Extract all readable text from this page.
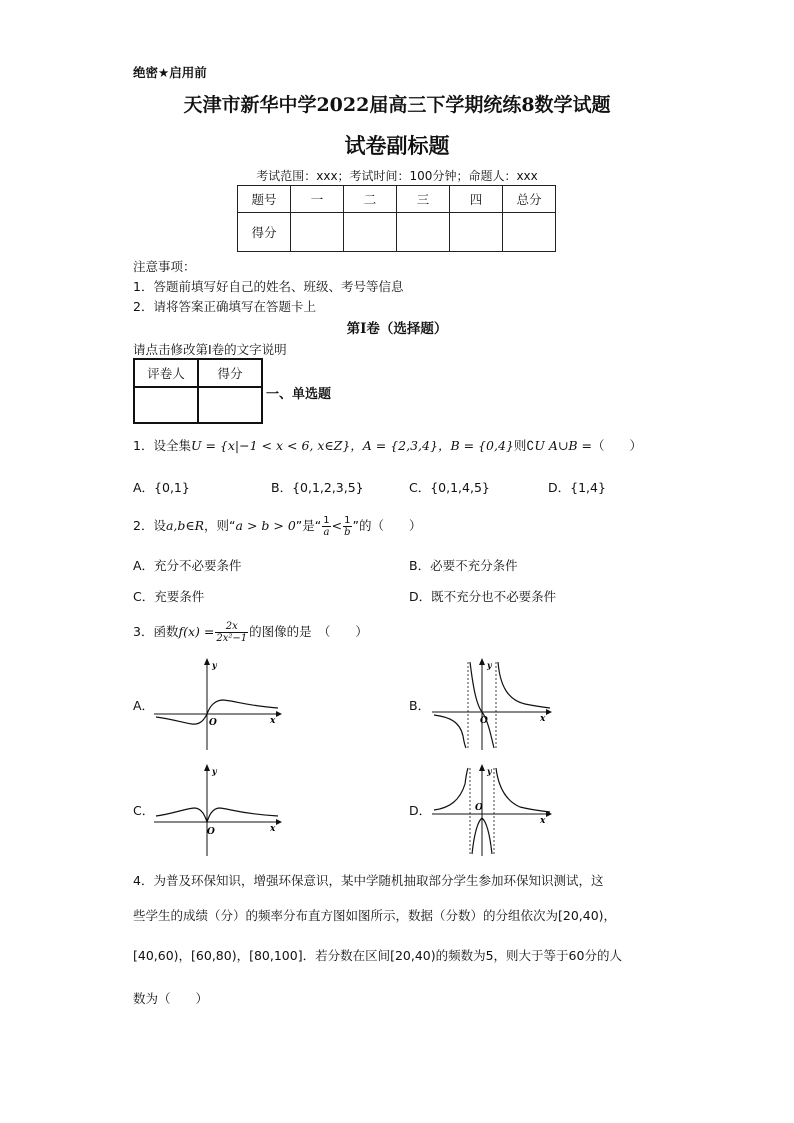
绝密★启用前
天津市新华中学2022届高三下学期统练8数学试题
试卷副标题
考试范围：xxx；考试时间：100分钟；命题人：xxx
题号	一	二	三	四	总分
得分					
注意事项：
1．答题前填写好自己的姓名、班级、考号等信息
2．请将答案正确填写在答题卡上
第I卷（选择题）
请点击修改第I卷的文字说明
评卷人	得分

一、单选题
1．设全集U = {x|−1 < x < 6, x∈Z}，A = {2,3,4}，B = {0,4}则∁U A∪B =（　　）
A．{0,1}	B．{0,1,2,3,5}	C．{0,1,4,5}	D．{1,4}
2．设a,b∈R，则“a > b > 0”是“ $\frac{1}{a} < \frac{1}{b}$ ”的（　　）
A．充分不必要条件	B．必要不充分条件
C．充要条件	D．既不充分也不必要条件
3．函数$f(x) = \frac{2x}{\text{2x²−1}}$ 的图像的是　（　　）
A．	B．
C．	D．
y
x
O
y
x
O
y
x
O
y
x
O
4．为普及环保知识，增强环保意识，某中学随机抽取部分学生参加环保知识测试，这
些学生的成绩（分）的频率分布直方图如图所示，数据（分数）的分组依次为[20,40)，
[40,60)，[60,80)，[80,100]．若分数在区间[20,40)的频数为5，则大于等于60分的人
数为（　　）
